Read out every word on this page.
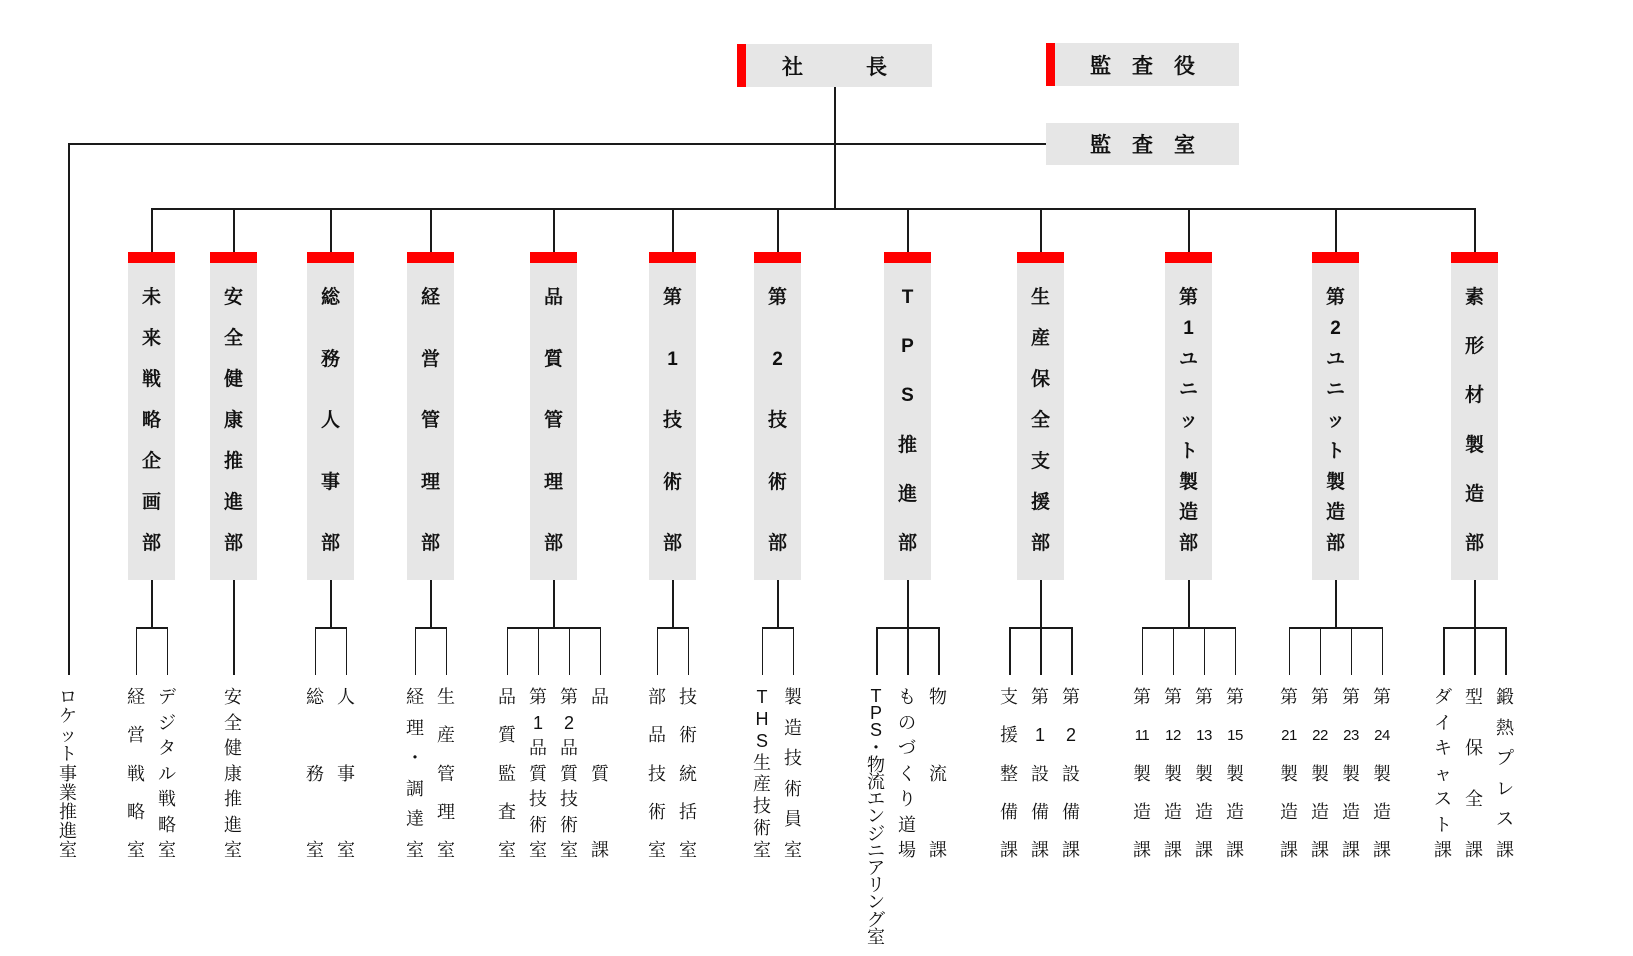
社	長	監 査 役
監 査 室
ロ
ケ
ッ
ト
事
業
推
進
室
未
来
戦
略
企
画
部
経
営
戦
略
室
デ
ジ
タ
ル
戦
略
室
安
全
健
康
推
進
部
安
全
健
康
推
進
室
総
務
人
事
部
総
務
室
人
事
室
経
営
管
理
部
経
理
・
調
達
室
生
産
管
理
室
品
質
管
理
部
品
質
監
査
室
第
1
品
質
技
術
室
第
2
品
質
技
術
室
品
質
課
第
1
技
術
部
部
品
技
術
室
技
術
統
括
室
第
2
技
術
部
T
H
S
生
産
技
術
室
製
造
技
術
員
室
T
P
S
推
進
部
T
P
S
・
物
流
エ
ン
ジ
ニ
ア
リ
ン
グ
室
も
の
づ
く
り
道
場
物
流
課
生
産
保
全
支
援
部
支
援
整
備
課
第
1
設
備
課
第
2
設
備
課
第
1
ユ
ニ
ッ
ト
製
造
部
第
11
製
造
課
第
12
製
造
課
第
13
製
造
課
第
15
製
造
課
第
2
ユ
ニ
ッ
ト
製
造
部
第
21
製
造
課
第
22
製
造
課
第
23
製
造
課
第
24
製
造
課
素
形
材
製
造
部
ダ
イ
キ
ャ
ス
ト
課
型
保
全
課
鍛
熱
プ
レ
ス
課
